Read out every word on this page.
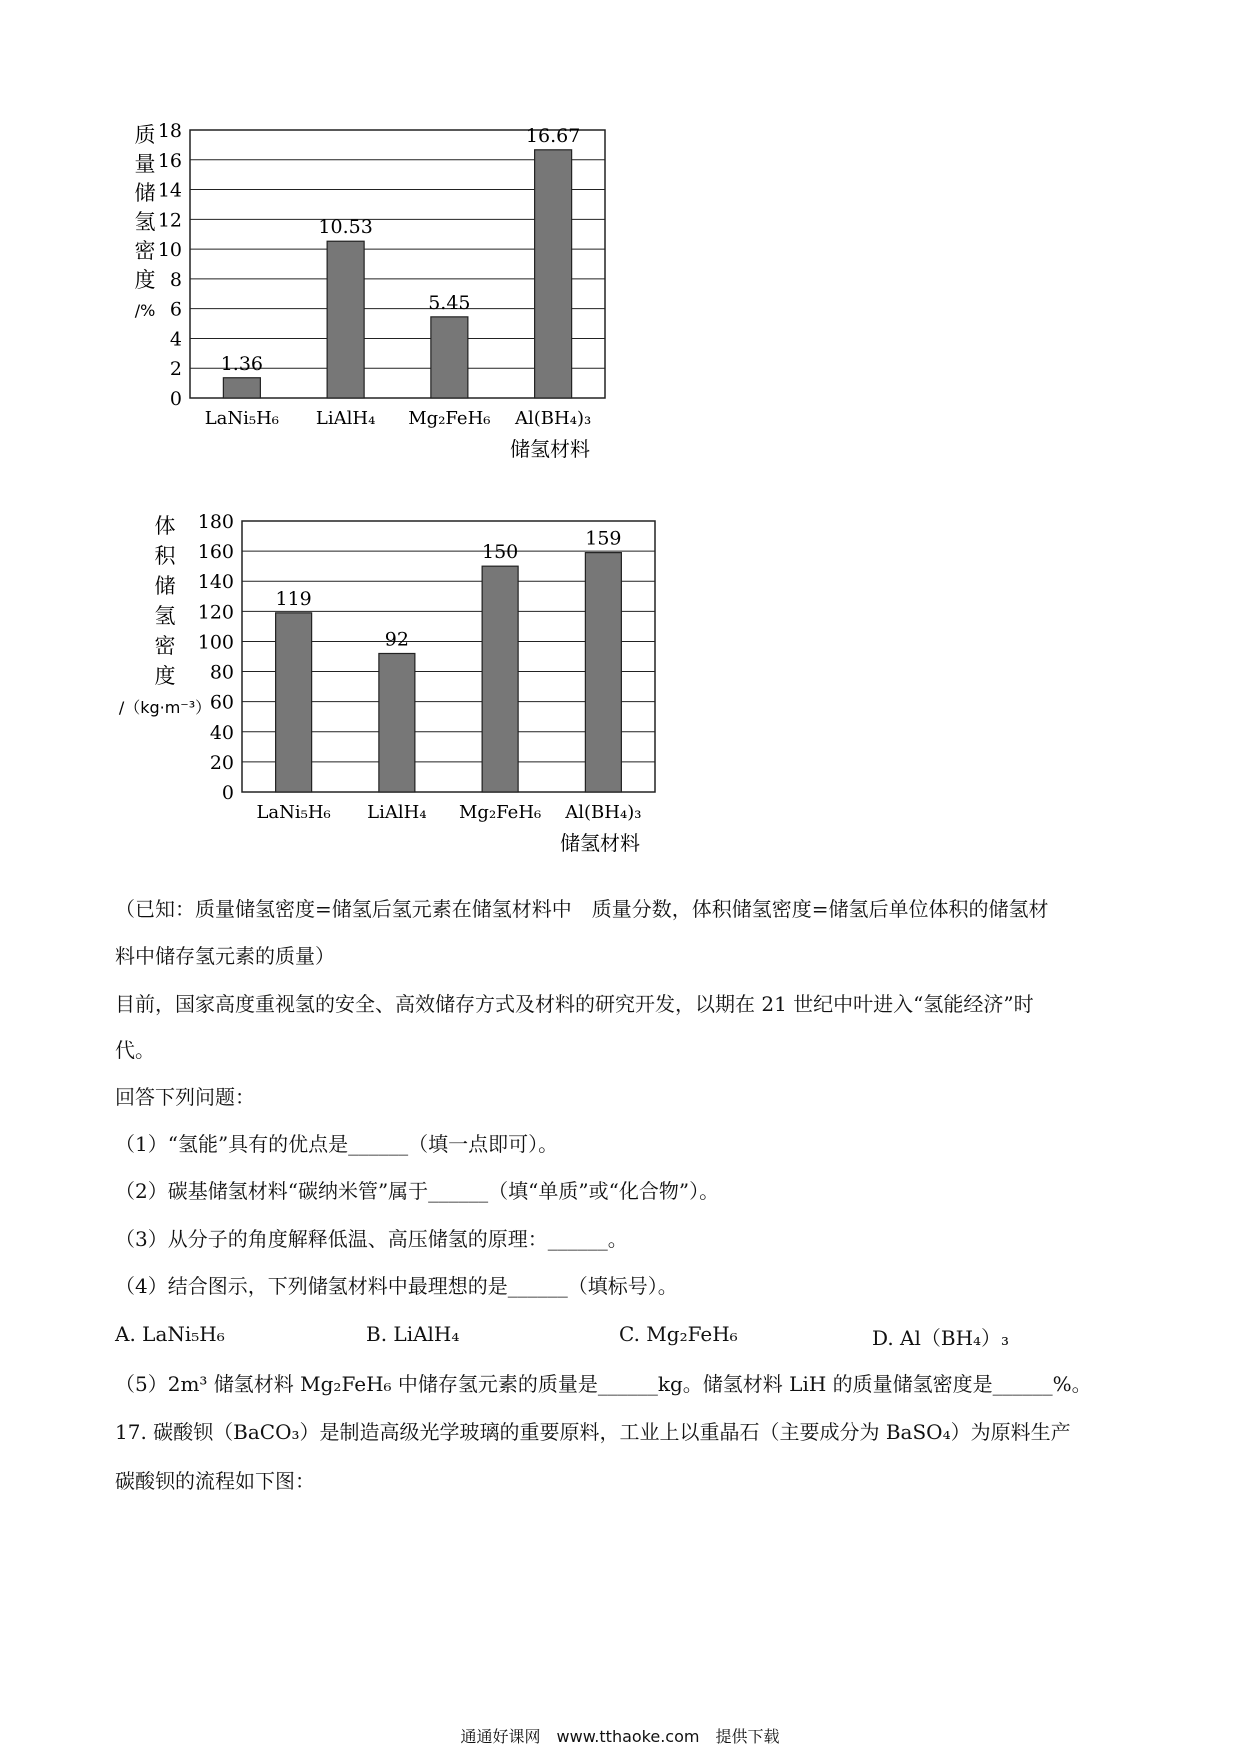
0
2
4
6
8
10
12
14
16
18
1.36
LaNi₅H₆
10.53
LiAlH₄
5.45
Mg₂FeH₆
16.67
Al(BH₄)₃
储氢材料
质
量
储
氢
密
度
/%
0
20
40
60
80
100
120
140
160
180
119
LaNi₅H₆
92
LiAlH₄
150
Mg₂FeH₆
159
Al(BH₄)₃
储氢材料
体
积
储
氢
密
度
/（kg·m⁻³）
（已知：质量储氢密度=储氢后氢元素在储氢材料中　质量分数，体积储氢密度=储氢后单位体积的储氢材
料中储存氢元素的质量）
目前，国家高度重视氢的安全、高效储存方式及材料的研究开发，以期在 21 世纪中叶进入“氢能经济”时
代。
回答下列问题：
（1）“氢能”具有的优点是______（填一点即可）。
（2）碳基储氢材料“碳纳米管”属于______（填“单质”或“化合物”）。
（3）从分子的角度解释低温、高压储氢的原理：______。
（4）结合图示，下列储氢材料中最理想的是______（填标号）。
A. LaNi₅H₆	B. LiAlH₄	C. Mg₂FeH₆	D. Al（BH₄）₃
（5）2m³ 储氢材料 Mg₂FeH₆ 中储存氢元素的质量是______kg。储氢材料 LiH 的质量储氢密度是______%。
17. 碳酸钡（BaCO₃）是制造高级光学玻璃的重要原料，工业上以重晶石（主要成分为 BaSO₄）为原料生产
碳酸钡的流程如下图：
通通好课网　www.tthaoke.com　提供下载
